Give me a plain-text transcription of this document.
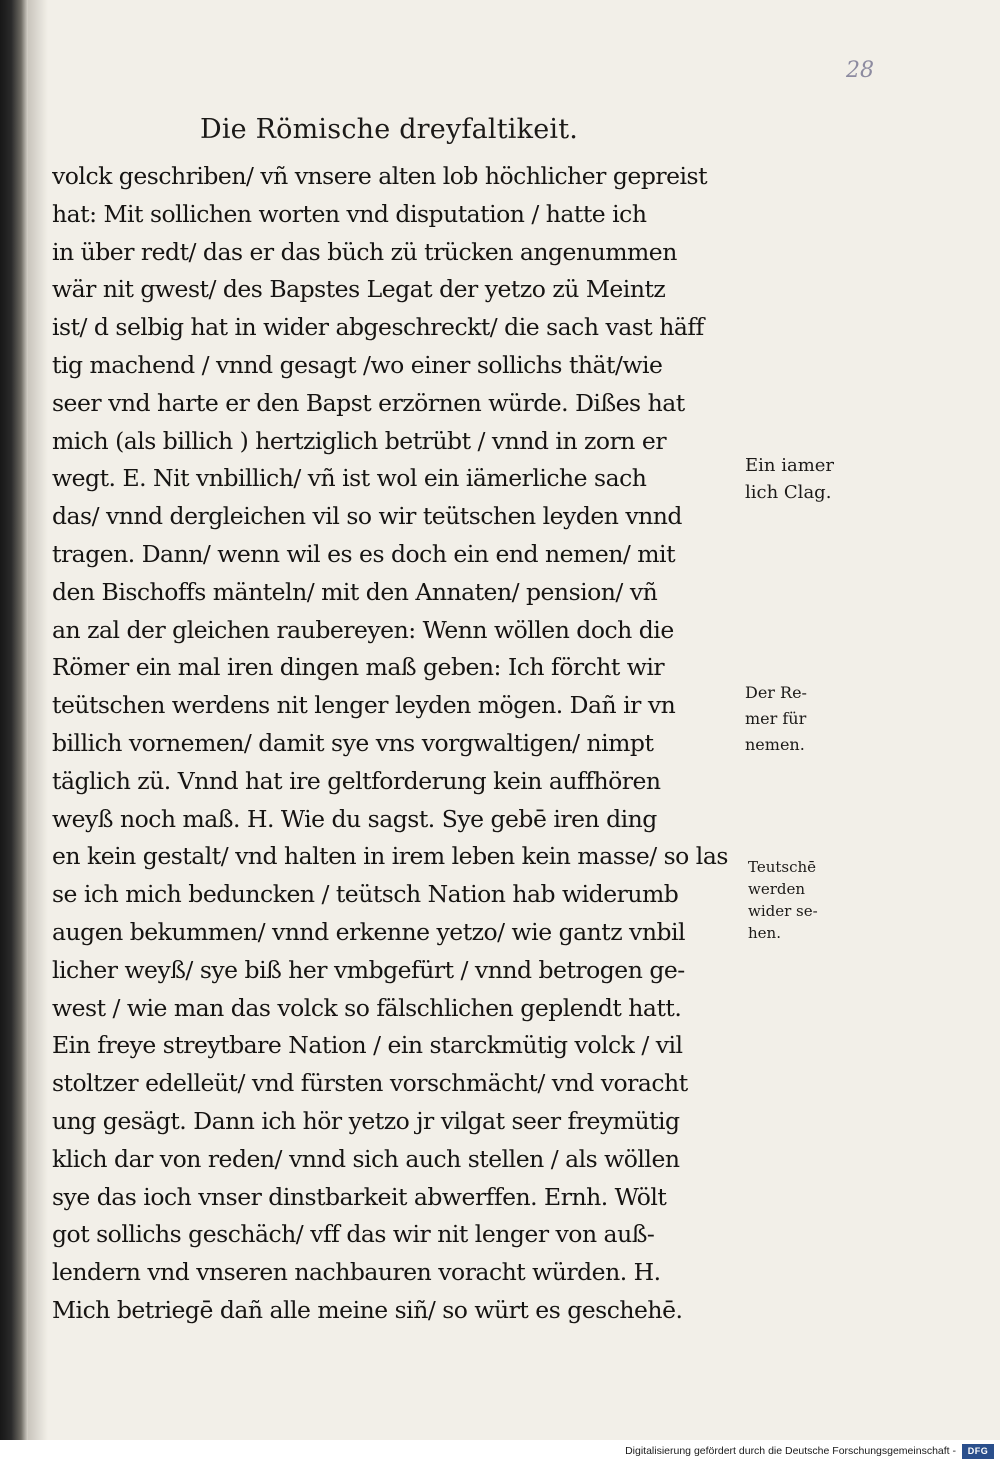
28
Die Römische dreyfaltikeit.
volck geschriben/ vñ vnsere alten lob höchlicher gepreist
hat: Mit sollichen worten vnd disputation / hatte ich
in über redt/ das er das büch zü trücken angenummen
wär nit gwest/ des Bapstes Legat der yetzo zü Meintz
ist/ d selbig hat in wider abgeschreckt/ die sach vast häff
tig machend / vnnd gesagt /wo einer sollichs thät/wie
seer vnd harte er den Bapst erzörnen würde. Dißes hat
mich (als billich ) hertziglich betrübt / vnnd in zorn er
wegt. E. Nit vnbillich/ vñ ist wol ein iämerliche sach
das/ vnnd dergleichen vil so wir teütschen leyden vnnd
tragen. Dann/ wenn wil es es doch ein end nemen/ mit
den Bischoffs mänteln/ mit den Annaten/ pension/ vñ
an zal der gleichen raubereyen: Wenn wöllen doch die
Römer ein mal iren dingen maß geben: Ich förcht wir
teütschen werdens nit lenger leyden mögen. Dañ ir vn
billich vornemen/ damit sye vns vorgwaltigen/ nimpt
täglich zü. Vnnd hat ire geltforderung kein auffhören
weyß noch maß. H. Wie du sagst. Sye gebē iren ding
en kein gestalt/ vnd halten in irem leben kein masse/ so las
se ich mich beduncken / teütsch Nation hab widerumb
augen bekummen/ vnnd erkenne yetzo/ wie gantz vnbil
licher weyß/ sye biß her vmbgefürt / vnnd betrogen ge-
west / wie man das volck so fälschlichen geplendt hatt.
Ein freye streytbare Nation / ein starckmütig volck / vil
stoltzer edelleüt/ vnd fürsten vorschmächt/ vnd voracht
ung gesägt. Dann ich hör yetzo jr vilgat seer freymütig
klich dar von reden/ vnnd sich auch stellen / als wöllen
sye das ioch vnser dinstbarkeit abwerffen. Ernh. Wölt
got sollichs geschäch/ vff das wir nit lenger von auß-
lendern vnd vnseren nachbauren voracht würden. H.
Mich betriegē dañ alle meine siñ/ so würt es geschehē.
Ein iamer
lich Clag.
Der Re-
mer für
nemen.
Teutschē
werden
wider se-
hen.
Digitalisierung gefördert durch die Deutsche Forschungsgemeinschaft -	DFG
